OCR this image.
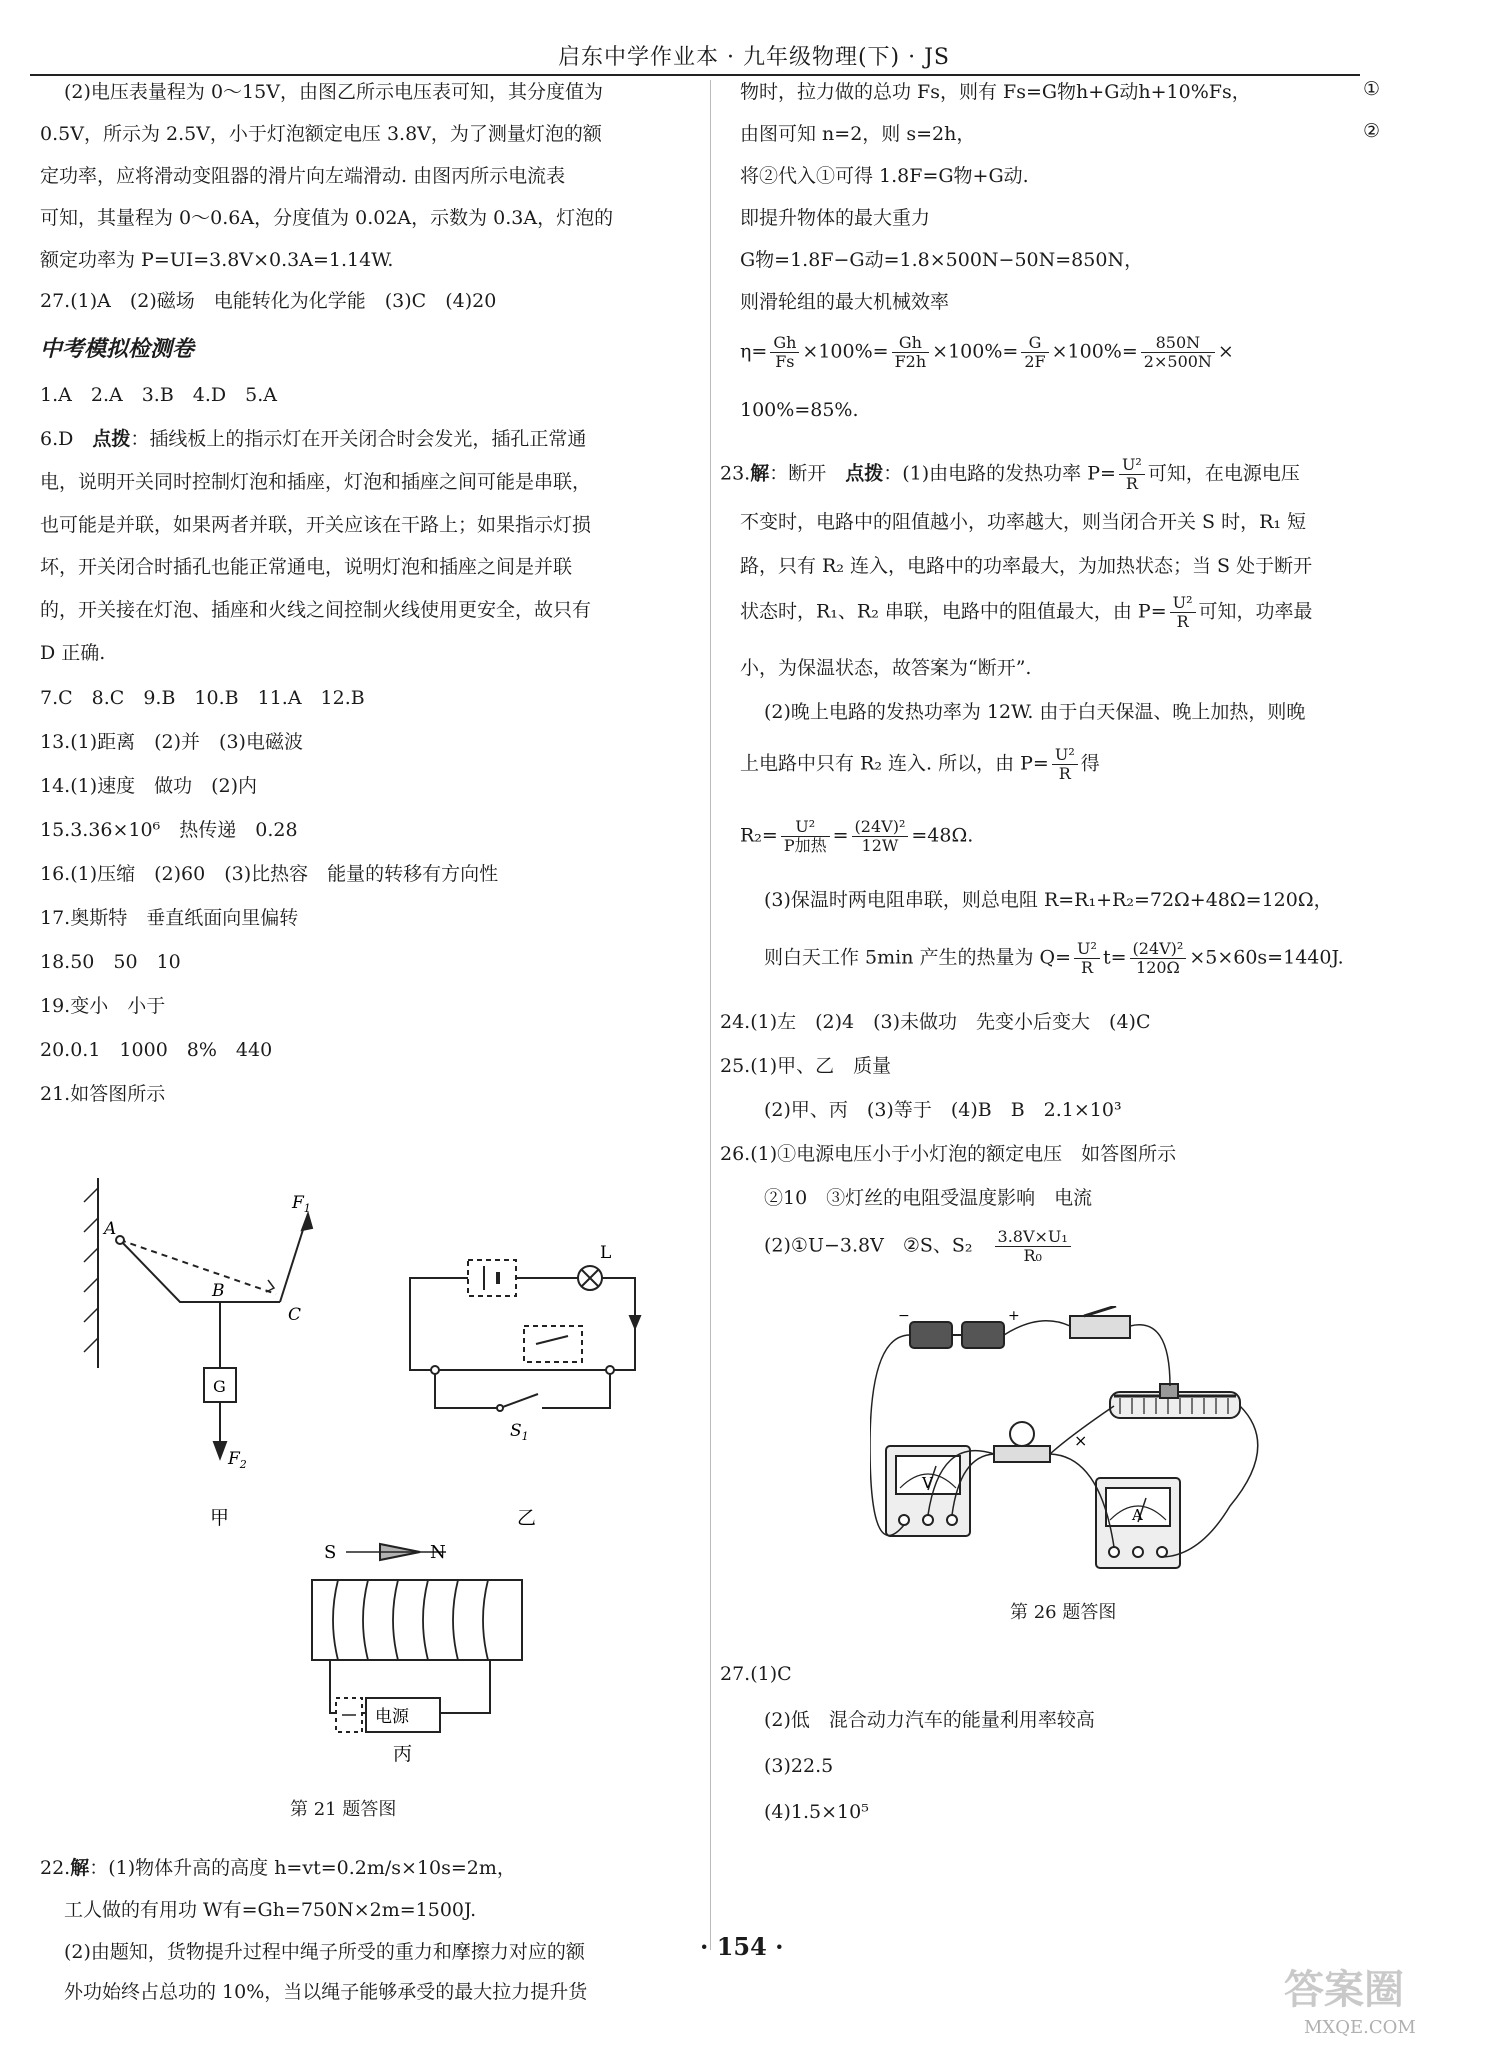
启东中学作业本 · 九年级物理(下) · JS
(2)电压表量程为 0～15V，由图乙所示电压表可知，其分度值为
0.5V，所示为 2.5V，小于灯泡额定电压 3.8V，为了测量灯泡的额
定功率，应将滑动变阻器的滑片向左端滑动. 由图丙所示电流表
可知，其量程为 0～0.6A，分度值为 0.02A，示数为 0.3A，灯泡的
额定功率为 P=UI=3.8V×0.3A=1.14W.
27.(1)A　(2)磁场　电能转化为化学能　(3)C　(4)20
中考模拟检测卷
1.A　2.A　3.B　4.D　5.A
6.D　 点拨：插线板上的指示灯在开关闭合时会发光，插孔正常通
电，说明开关同时控制灯泡和插座，灯泡和插座之间可能是串联，
也可能是并联，如果两者并联，开关应该在干路上；如果指示灯损
坏，开关闭合时插孔也能正常通电，说明灯泡和插座之间是并联
的，开关接在灯泡、插座和火线之间控制火线使用更安全，故只有
D 正确.
7.C　8.C　9.B　10.B　11.A　12.B
13.(1)距离　(2)并　(3)电磁波
14.(1)速度　做功　(2)内
15.3.36×10⁶　热传递　0.28
16.(1)压缩　(2)60　(3)比热容　能量的转移有方向性
17.奥斯特　垂直纸面向里偏转
18.50　50　10
19.变小　小于
20.0.1　1000　8%　440
21.如答图所示
A
B
C
G
$F_1$
$F_2$
甲
L
$S_1$
乙
S	N
电源
丙
第 21 题答图
22.解：(1)物体升高的高度 h=vt=0.2m/s×10s=2m，
工人做的有用功 W有=Gh=750N×2m=1500J.
(2)由题知，货物提升过程中绳子所受的重力和摩擦力对应的额
外功始终占总功的 10%，当以绳子能够承受的最大拉力提升货
物时，拉力做的总功 Fs，则有 Fs=G物h+G动h+10%Fs，	①
由图可知 n=2，则 s=2h，	②
将②代入①可得 1.8F=G物+G动.
即提升物体的最大重力
G物=1.8F−G动=1.8×500N−50N=850N，
则滑轮组的最大机械效率
$\eta= \frac{Gh}{Fs} \times 100\%= \frac{Gh}{F2h} \times 100\%= \frac{G}{2F} \times 100\%= \frac{850N}{2\times 500N}$ ×
100%=85%.
23.解：断开　点拨：(1)由电路的发热功率 $P= \frac{\text{U²}}{R}$ 可知，在电源电压
不变时，电路中的阻值越小，功率越大，则当闭合开关 S 时，R₁ 短
路，只有 R₂ 连入，电路中的功率最大，为加热状态；当 S 处于断开
状态时，R₁、R₂ 串联，电路中的阻值最大，由 $P= \frac{\text{U²}}{R}$ 可知，功率最
小，为保温状态，故答案为“断开”.
(2)晚上电路的发热功率为 12W. 由于白天保温、晚上加热，则晚
上电路中只有 R₂ 连入. 所以，由 $P= \frac{\text{U²}}{R}$ 得
$R_2= \frac{\text{U²}}{\text{P加热}} = \frac{\text{(24V)²}}{12W} =48\Omega$.
(3)保温时两电阻串联，则总电阻 R=R₁+R₂=72Ω+48Ω=120Ω，
则白天工作 5min 产生的热量为 $Q= \frac{\text{U²}}{R} t= \frac{\text{(24V)²}}{120\Omega} \times 5\times 60s=1440J$.
24.(1)左　(2)4　(3)未做功　先变小后变大　(4)C
25.(1)甲、乙　质量
(2)甲、丙　(3)等于　(4)B　B　2.1×10³
26.(1)①电源电压小于小灯泡的额定电压　如答图所示
②10　③灯丝的电阻受温度影响　电流
(2)①U−3.8V　②S、S₂　 $\frac{\text{3.8V×U₁}}{\text{R₀}}$
V
A
+
−
×
第 26 题答图
27.(1)C
(2)低　混合动力汽车的能量利用率较高
(3)22.5
(4)1.5×10⁵
· 154 ·
答案圈
MXQE.COM
